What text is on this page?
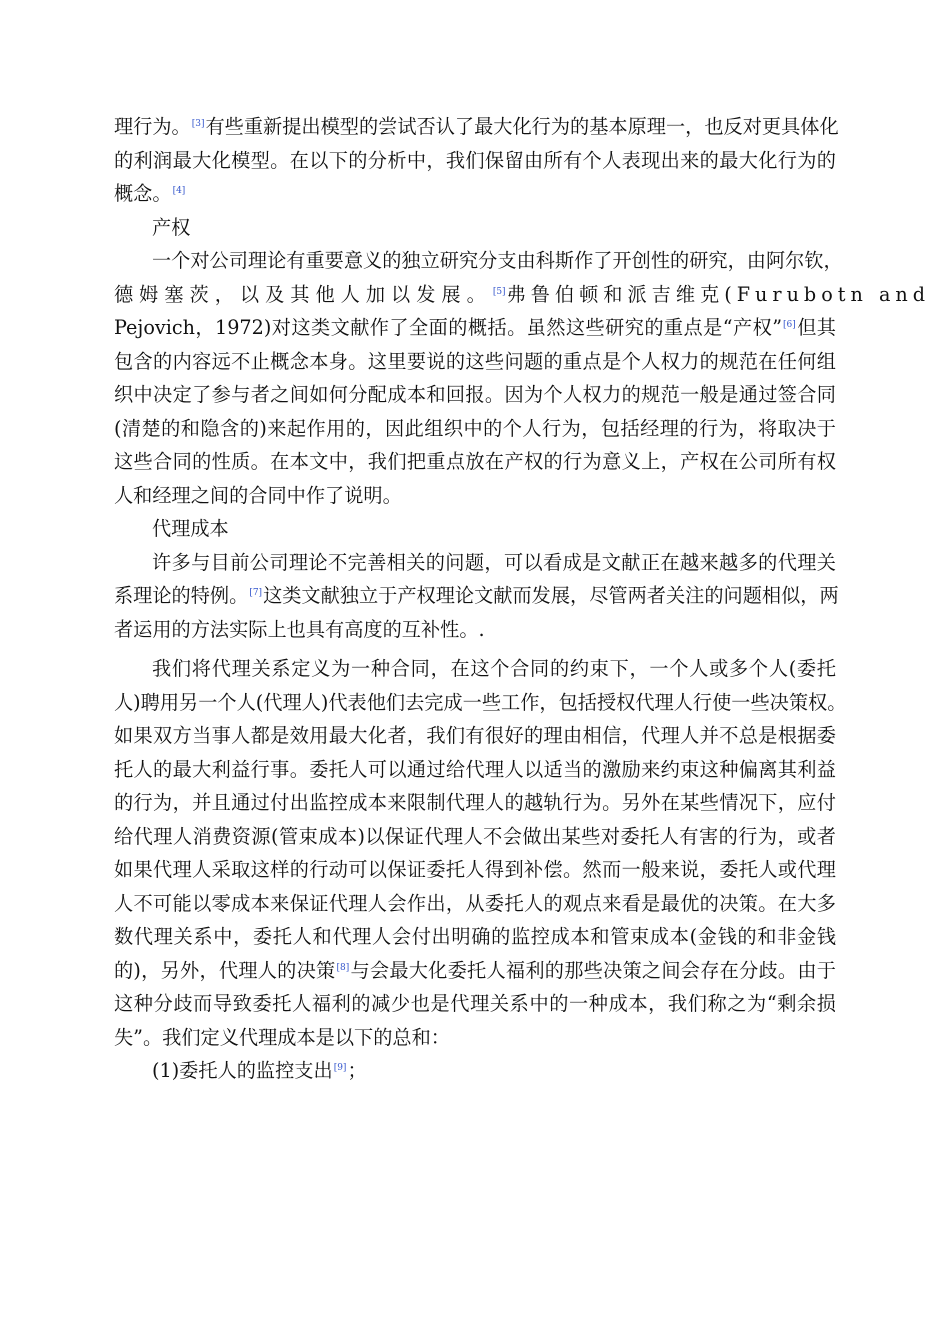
理行为。[3]有些重新提出模型的尝试否认了最大化行为的基本原理一，也反对更具体化
的利润最大化模型。在以下的分析中，我们保留由所有个人表现出来的最大化行为的
概念。[4]
产权
一个对公司理论有重要意义的独立研究分支由科斯作了开创性的研究，由阿尔钦，
德姆塞茨，以及其他人加以发展。[5]弗鲁伯顿和派吉维克(Furubotn and
Pejovich，1972)对这类文献作了全面的概括。虽然这些研究的重点是“产权”[6]但其
包含的内容远不止概念本身。这里要说的这些问题的重点是个人权力的规范在任何组
织中决定了参与者之间如何分配成本和回报。因为个人权力的规范一般是通过签合同
(清楚的和隐含的)来起作用的，因此组织中的个人行为，包括经理的行为，将取决于
这些合同的性质。在本文中，我们把重点放在产权的行为意义上，产权在公司所有权
人和经理之间的合同中作了说明。
代理成本
许多与目前公司理论不完善相关的问题，可以看成是文献正在越来越多的代理关
系理论的特例。[7]这类文献独立于产权理论文献而发展，尽管两者关注的问题相似，两
者运用的方法实际上也具有高度的互补性。.
我们将代理关系定义为一种合同，在这个合同的约束下，一个人或多个人(委托
人)聘用另一个人(代理人)代表他们去完成一些工作，包括授权代理人行使一些决策权。
如果双方当事人都是效用最大化者，我们有很好的理由相信，代理人并不总是根据委
托人的最大利益行事。委托人可以通过给代理人以适当的激励来约束这种偏离其利益
的行为，并且通过付出监控成本来限制代理人的越轨行为。另外在某些情况下，应付
给代理人消费资源(管束成本)以保证代理人不会做出某些对委托人有害的行为，或者
如果代理人采取这样的行动可以保证委托人得到补偿。然而一般来说，委托人或代理
人不可能以零成本来保证代理人会作出，从委托人的观点来看是最优的决策。在大多
数代理关系中，委托人和代理人会付出明确的监控成本和管束成本(金钱的和非金钱
的)，另外，代理人的决策[8]与会最大化委托人福利的那些决策之间会存在分歧。由于
这种分歧而导致委托人福利的减少也是代理关系中的一种成本，我们称之为“剩余损
失”。我们定义代理成本是以下的总和：
(1)委托人的监控支出[9]；
